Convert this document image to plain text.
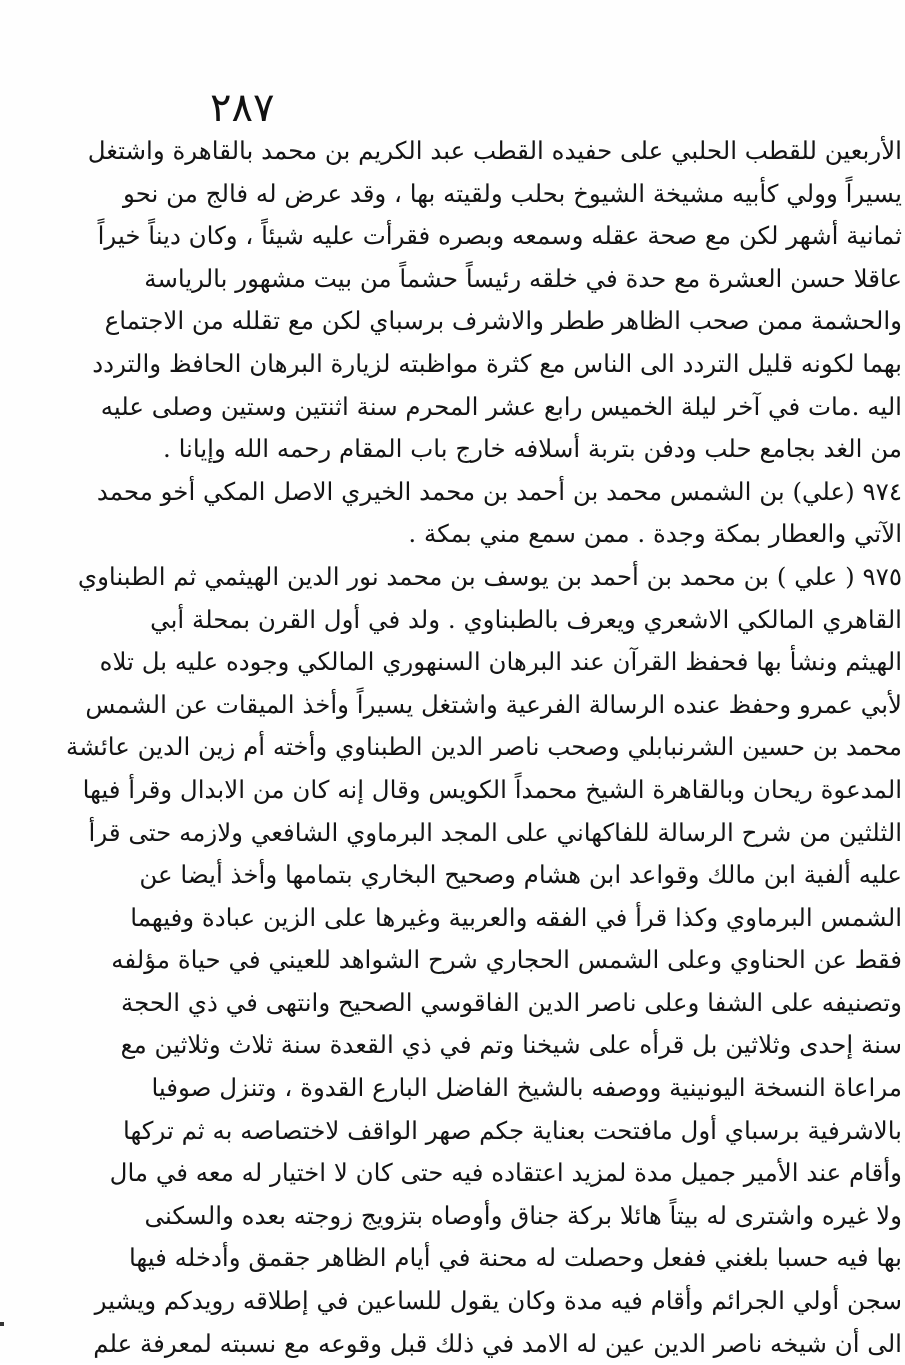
٢٨٧
الأربعين للقطب الحلبي على حفيده القطب عبد الكريم بن محمد بالقاهرة واشتغل
يسيراً وولي كأبيه مشيخة الشيوخ بحلب ولقيته بها ، وقد عرض له فالج من نحو
ثمانية أشهر لكن مع صحة عقله وسمعه وبصره فقرأت عليه شيئاً ، وكان ديناً خيراً
عاقلا حسن العشرة مع حدة في خلقه رئيساً حشماً من بيت مشهور بالرياسة
والحشمة ممن صحب الظاهر ططر والاشرف برسباي لكن مع تقلله من الاجتماع
بهما لكونه قليل التردد الى الناس مع كثرة مواظبته لزيارة البرهان الحافظ والتردد
اليه .مات في آخر ليلة الخميس رابع عشر المحرم سنة اثنتين وستين وصلى عليه
من الغد بجامع حلب ودفن بتربة أسلافه خارج باب المقام رحمه الله وإيانا .
٩٧٤ (علي) بن الشمس محمد بن أحمد بن محمد الخيري الاصل المكي أخو محمد
الآتي والعطار بمكة وجدة . ممن سمع مني بمكة .
٩٧٥ ( علي ) بن محمد بن أحمد بن يوسف بن محمد نور الدين الهيثمي ثم الطبناوي
القاهري المالكي الاشعري ويعرف بالطبناوي . ولد في أول القرن بمحلة أبي
الهيثم ونشأ بها فحفظ القرآن عند البرهان السنهوري المالكي وجوده عليه بل تلاه
لأبي عمرو وحفظ عنده الرسالة الفرعية واشتغل يسيراً وأخذ الميقات عن الشمس
محمد بن حسين الشرنبابلي وصحب ناصر الدين الطبناوي وأخته أم زين الدين عائشة
المدعوة ريحان وبالقاهرة الشيخ محمداً الكويس وقال إنه كان من الابدال وقرأ فيها
الثلثين من شرح الرسالة للفاكهاني على المجد البرماوي الشافعي ولازمه حتى قرأ
عليه ألفية ابن مالك وقواعد ابن هشام وصحيح البخاري بتمامها وأخذ أيضا عن
الشمس البرماوي وكذا قرأ في الفقه والعربية وغيرها على الزين عبادة وفيهما
فقط عن الحناوي وعلى الشمس الحجاري شرح الشواهد للعيني في حياة مؤلفه
وتصنيفه على الشفا وعلى ناصر الدين الفاقوسي الصحيح وانتهى في ذي الحجة
سنة إحدى وثلاثين بل قرأه على شيخنا وتم في ذي القعدة سنة ثلاث وثلاثين مع
مراعاة النسخة اليونينية ووصفه بالشيخ الفاضل البارع القدوة ، وتنزل صوفيا
بالاشرفية برسباي أول مافتحت بعناية جكم صهر الواقف لاختصاصه به ثم تركها
وأقام عند الأمير جميل مدة لمزيد اعتقاده فيه حتى كان لا اختيار له معه في مال
ولا غيره واشترى له بيتاً هائلا بركة جناق وأوصاه بتزويج زوجته بعده والسكنى
بها فيه حسبا بلغني ففعل وحصلت له محنة في أيام الظاهر جقمق وأدخله فيها
سجن أولي الجرائم وأقام فيه مدة وكان يقول للساعين في إطلاقه رويدكم ويشير
الى أن شيخه ناصر الدين عين له الامد في ذلك قبل وقوعه مع نسبته لمعرفة علم
